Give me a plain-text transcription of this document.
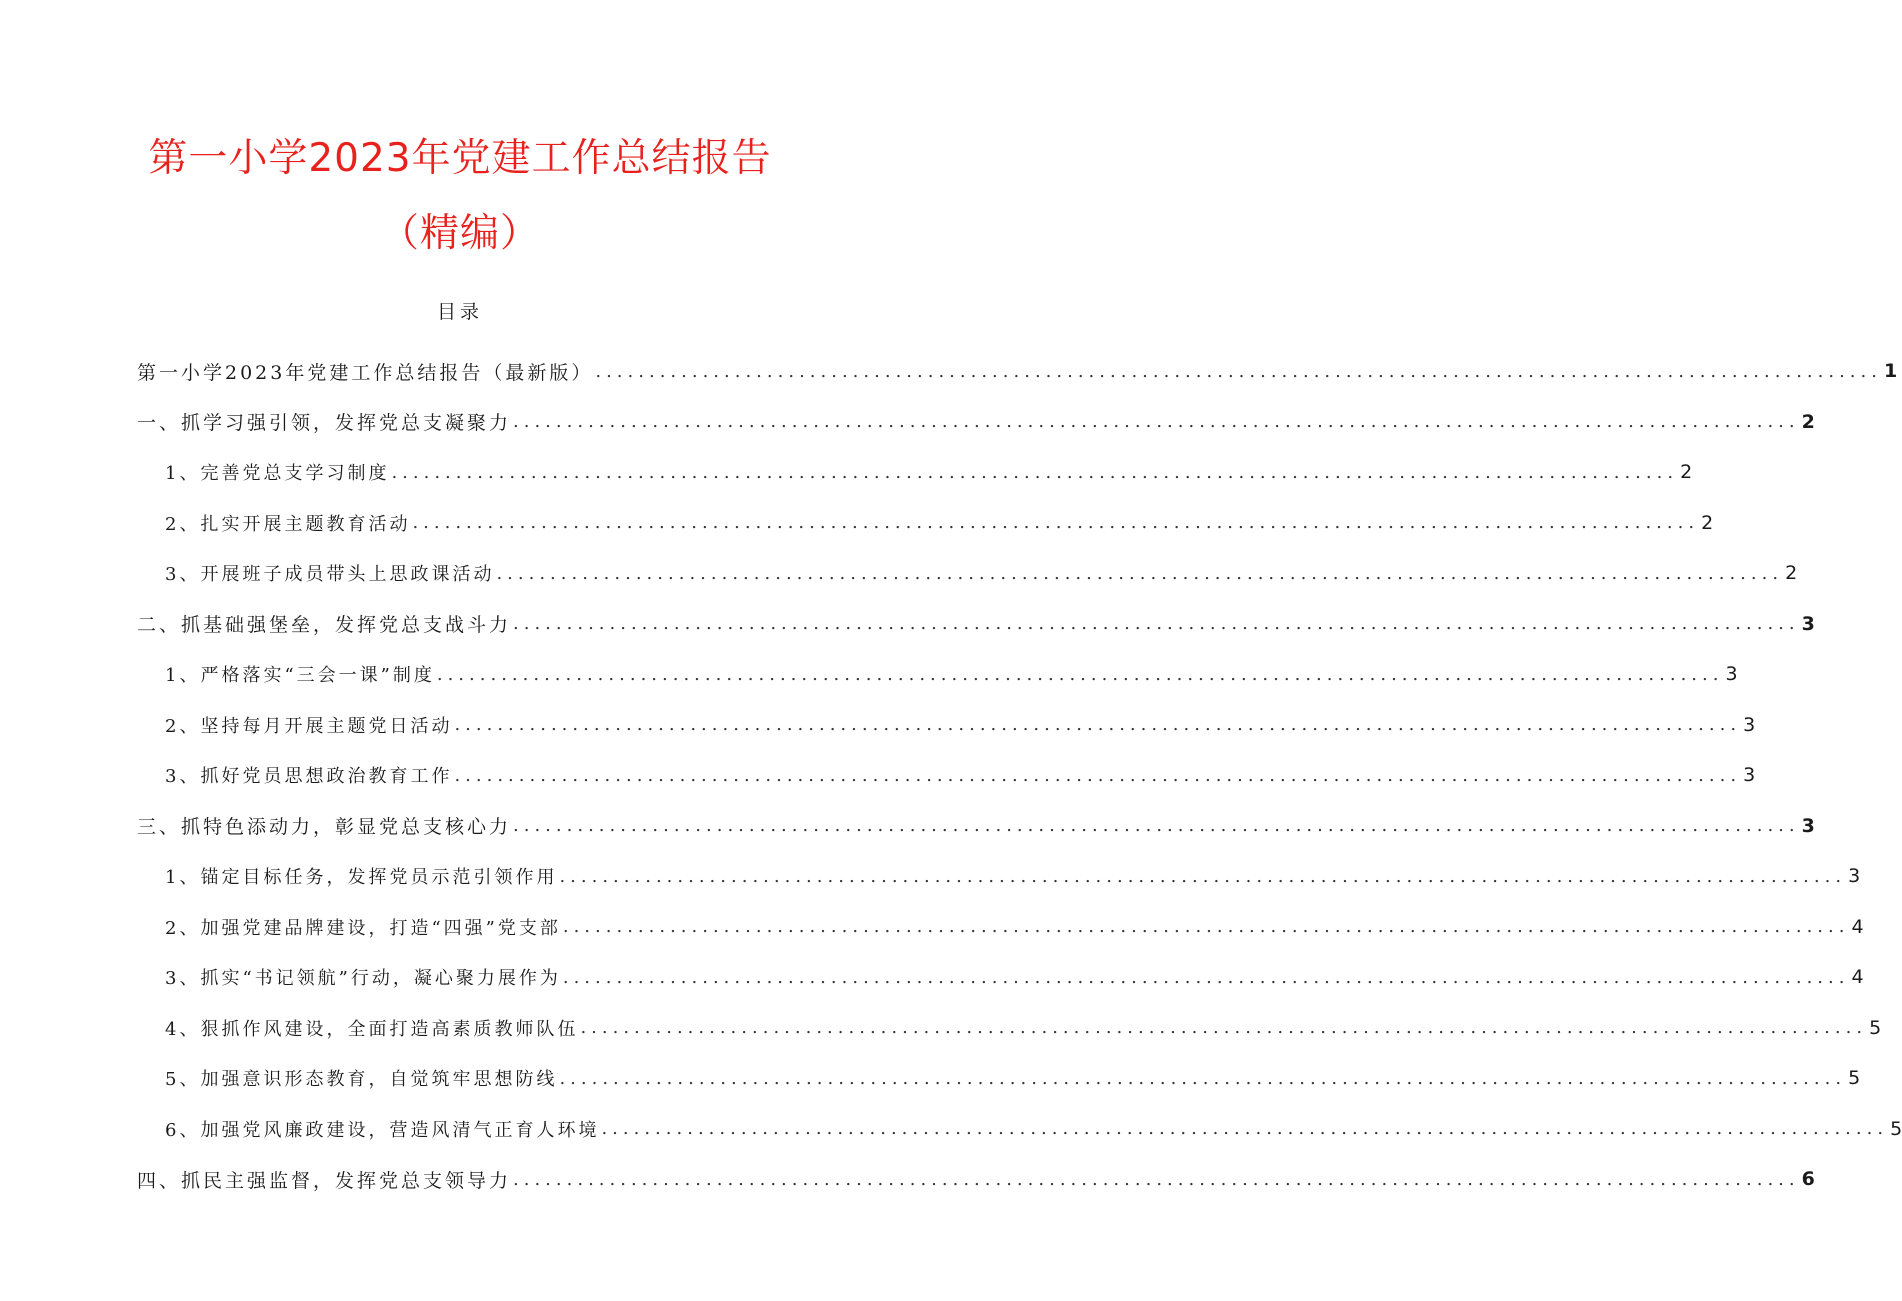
第一小学2023年党建工作总结报告
（精编）
目录
第一小学2023年党建工作总结报告（最新版） ........................................................................................................................ 1
一、抓学习强引领，发挥党总支凝聚力 ........................................................................................................................ 2
1、完善党总支学习制度 ........................................................................................................................ 2
2、扎实开展主题教育活动 ........................................................................................................................ 2
3、开展班子成员带头上思政课活动 ........................................................................................................................ 2
二、抓基础强堡垒，发挥党总支战斗力 ........................................................................................................................ 3
1、严格落实“三会一课”制度 ........................................................................................................................ 3
2、坚持每月开展主题党日活动 ........................................................................................................................ 3
3、抓好党员思想政治教育工作 ........................................................................................................................ 3
三、抓特色添动力，彰显党总支核心力 ........................................................................................................................ 3
1、锚定目标任务，发挥党员示范引领作用 ........................................................................................................................ 3
2、加强党建品牌建设，打造“四强”党支部 ........................................................................................................................ 4
3、抓实“书记领航”行动，凝心聚力展作为 ........................................................................................................................ 4
4、狠抓作风建设，全面打造高素质教师队伍 ........................................................................................................................ 5
5、加强意识形态教育，自觉筑牢思想防线 ........................................................................................................................ 5
6、加强党风廉政建设，营造风清气正育人环境 ........................................................................................................................ 5
四、抓民主强监督，发挥党总支领导力 ........................................................................................................................ 6
